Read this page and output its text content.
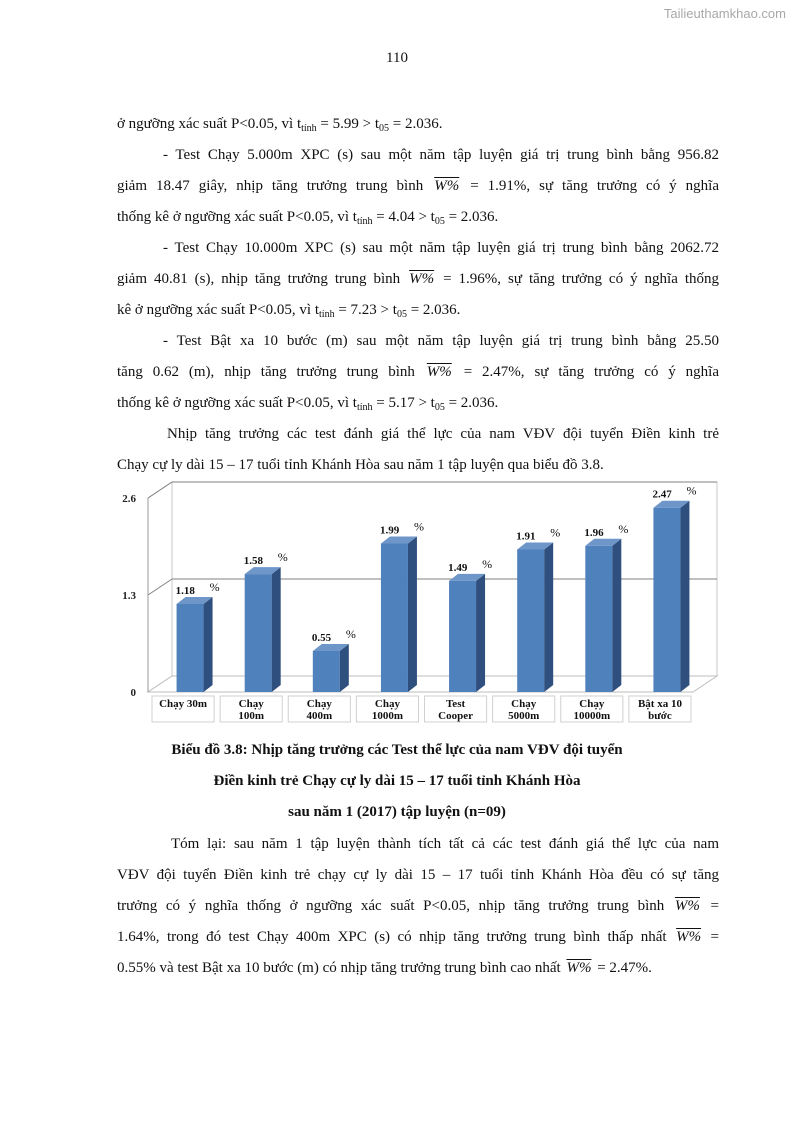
Tailieuthamkhao.com
110
ở ngưỡng xác suất P<0.05, vì $t_{tính} = 5.99 > t_{05} = 2.036$.
- Test Chạy 5.000m XPC (s) sau một năm tập luyện giá trị trung bình bằng 956.82
giảm 18.47 giây, nhịp tăng trưởng trung bình W% = 1.91%, sự tăng trưởng có ý nghĩa
thống kê ở ngưỡng xác suất P<0.05, vì $t_{tính} = 4.04 > t_{05} = 2.036$.
- Test Chạy 10.000m XPC (s) sau một năm tập luyện giá trị trung bình bằng 2062.72
giảm 40.81 (s), nhịp tăng trưởng trung bình W% = 1.96%, sự tăng trưởng có ý nghĩa thống
kê ở ngưỡng xác suất P<0.05, vì $t_{tính} = 7.23 > t_{05} = 2.036$.
- Test Bật xa 10 bước (m) sau một năm tập luyện giá trị trung bình bằng 25.50
tăng 0.62 (m), nhịp tăng trưởng trung bình W% = 2.47%, sự tăng trưởng có ý nghĩa
thống kê ở ngưỡng xác suất P<0.05, vì $t_{tính} = 5.17 > t_{05} = 2.036$.
Nhịp tăng trưởng các test đánh giá thể lực của nam VĐV đội tuyển Điền kinh trẻ
Chạy cự ly dài 15 – 17 tuổi tỉnh Khánh Hòa sau năm 1 tập luyện qua biểu đồ 3.8.
0
1.3
2.6
1.18 %
Chạy 30m
1.58 %
Chạy
100m
0.55 %
Chạy
400m
1.99 %
Chạy
1000m
1.49 %
Test
Cooper
1.91 %
Chạy
5000m
1.96 %
Chạy
10000m
2.47 %
Bật xa 10
bước
Biểu đồ 3.8: Nhịp tăng trưởng các Test thể lực của nam VĐV đội tuyển
Điền kinh trẻ Chạy cự ly dài 15 – 17 tuổi tỉnh Khánh Hòa
sau năm 1 (2017) tập luyện (n=09)
Tóm lại: sau năm 1 tập luyện thành tích tất cả các test đánh giá thể lực của nam
VĐV đội tuyển Điền kinh trẻ chạy cự ly dài 15 – 17 tuổi tỉnh Khánh Hòa đều có sự tăng
trưởng có ý nghĩa thống ở ngưỡng xác suất P<0.05, nhịp tăng trưởng trung bình W% =
1.64%, trong đó test Chạy 400m XPC (s) có nhịp tăng trưởng trung bình thấp nhất W% =
0.55% và test Bật xa 10 bước (m) có nhịp tăng trưởng trung bình cao nhất W% = 2.47%.
